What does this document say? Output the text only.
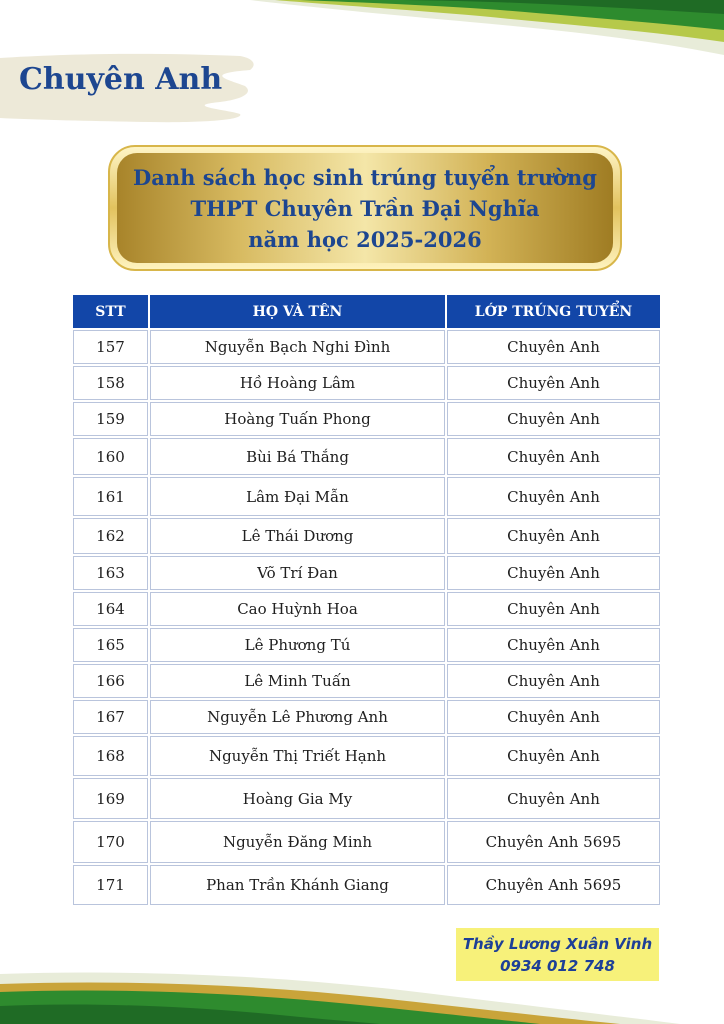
Chuyên Anh
Danh sách học sinh trúng tuyển trường
THPT Chuyên Trần Đại Nghĩa
năm học 2025-2026
STT	HỌ VÀ TÊN	LỚP TRÚNG TUYỂN
157	Nguyễn Bạch Nghi Đình	Chuyên Anh
158	Hồ Hoàng Lâm	Chuyên Anh
159	Hoàng Tuấn Phong	Chuyên Anh
160	Bùi Bá Thắng	Chuyên Anh
161	Lâm Đại Mẫn	Chuyên Anh
162	Lê Thái Dương	Chuyên Anh
163	Võ Trí Đan	Chuyên Anh
164	Cao Huỳnh Hoa	Chuyên Anh
165	Lê Phương Tú	Chuyên Anh
166	Lê Minh Tuấn	Chuyên Anh
167	Nguyễn Lê Phương Anh	Chuyên Anh
168	Nguyễn Thị Triết Hạnh	Chuyên Anh
169	Hoàng Gia My	Chuyên Anh
170	Nguyễn Đăng Minh	Chuyên Anh 5695
171	Phan Trần Khánh Giang	Chuyên Anh 5695
Thầy Lương Xuân Vinh
0934 012 748
